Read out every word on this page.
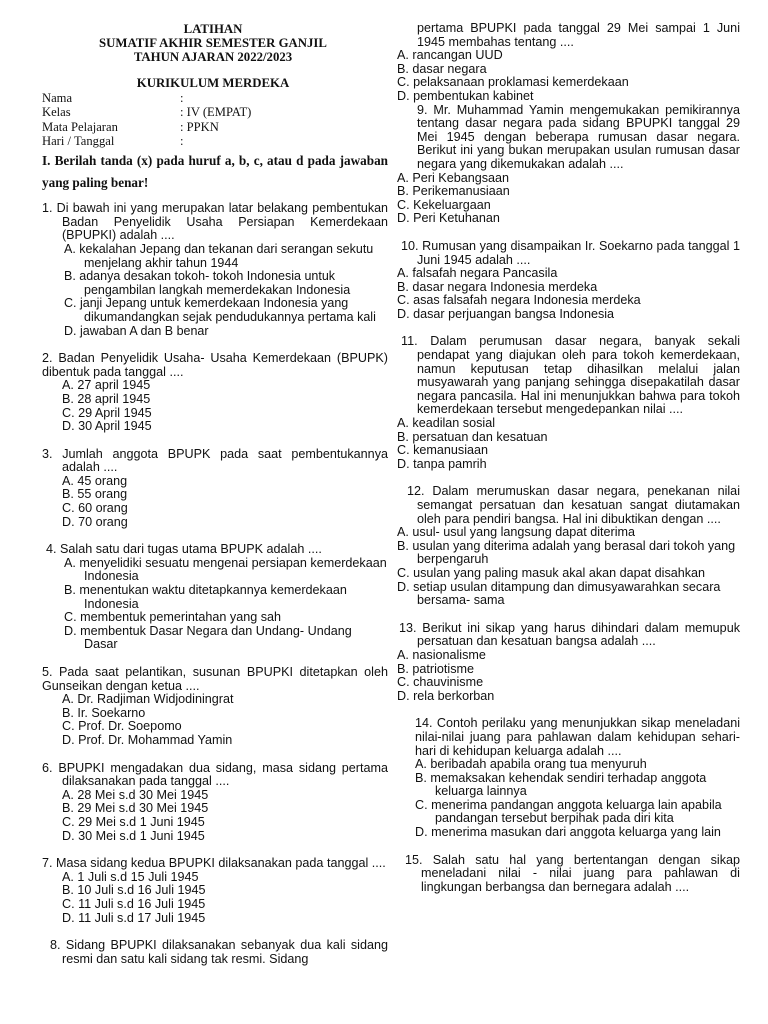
LATIHAN
SUMATIF AKHIR SEMESTER GANJIL
TAHUN AJARAN 2022/2023
KURIKULUM MERDEKA
Nama	:
Kelas	: IV (EMPAT)
Mata Pelajaran	: PPKN
Hari / Tanggal	:
I. Berilah tanda (x) pada huruf a, b, c, atau d pada jawaban yang paling benar!
1. Di bawah ini yang merupakan latar belakang pembentukan Badan Penyelidik Usaha Persiapan Kemerdekaan (BPUPKI) adalah ....
A. kekalahan Jepang dan tekanan dari serangan sekutu menjelang akhir tahun 1944
B. adanya desakan tokoh- tokoh Indonesia untuk pengambilan langkah memerdekakan Indonesia
C. janji Jepang untuk kemerdekaan Indonesia yang dikumandangkan sejak pendudukannya pertama kali
D. jawaban A dan B benar
2. Badan Penyelidik Usaha- Usaha Kemerdekaan (BPUPK) dibentuk pada tanggal ....
A. 27 april 1945
B. 28 april 1945
C. 29 April 1945
D. 30 April 1945
3. Jumlah anggota BPUPK pada saat pembentukannya adalah ....
A. 45 orang
B. 55 orang
C. 60 orang
D. 70 orang
4. Salah satu dari tugas utama BPUPK adalah ....
A. menyelidiki sesuatu mengenai persiapan kemerdekaan Indonesia
B. menentukan waktu ditetapkannya kemerdekaan Indonesia
C. membentuk pemerintahan yang sah
D. membentuk Dasar Negara dan Undang- Undang Dasar
5. Pada saat pelantikan, susunan BPUPKI ditetapkan oleh Gunseikan dengan ketua ....
A. Dr. Radjiman Widjodiningrat
B. Ir. Soekarno
C. Prof. Dr. Soepomo
D. Prof. Dr. Mohammad Yamin
6. BPUPKI mengadakan dua sidang, masa sidang pertama dilaksanakan pada tanggal ....
A. 28 Mei s.d 30 Mei 1945
B. 29 Mei s.d 30 Mei 1945
C. 29 Mei s.d 1 Juni 1945
D. 30 Mei s.d 1 Juni 1945
7. Masa sidang kedua BPUPKI dilaksanakan pada tanggal ....
A. 1 Juli s.d 15 Juli 1945
B. 10 Juli s.d 16 Juli 1945
C. 11 Juli s.d 16 Juli 1945
D. 11 Juli s.d 17 Juli 1945
8. Sidang BPUPKI dilaksanakan sebanyak dua kali sidang resmi dan satu kali sidang tak resmi. Sidang
pertama BPUPKI pada tanggal 29 Mei sampai 1 Juni 1945 membahas tentang ....
A. rancangan UUD
B. dasar negara
C. pelaksanaan proklamasi kemerdekaan
D. pembentukan kabinet
9. Mr. Muhammad Yamin mengemukakan pemikirannya tentang dasar negara pada sidang BPUPKI tanggal 29 Mei 1945 dengan beberapa rumusan dasar negara. Berikut ini yang bukan merupakan usulan rumusan dasar negara yang dikemukakan adalah ....
A. Peri Kebangsaan
B. Perikemanusiaan
C. Kekeluargaan
D. Peri Ketuhanan
10. Rumusan yang disampaikan Ir. Soekarno pada tanggal 1 Juni 1945 adalah ....
A. falsafah negara Pancasila
B. dasar negara Indonesia merdeka
C. asas falsafah negara Indonesia merdeka
D. dasar perjuangan bangsa Indonesia
11. Dalam perumusan dasar negara, banyak sekali pendapat yang diajukan oleh para tokoh kemerdekaan, namun keputusan tetap dihasilkan melalui jalan musyawarah yang panjang sehingga disepakatilah dasar negara pancasila. Hal ini menunjukkan bahwa para tokoh kemerdekaan tersebut mengedepankan nilai ....
A. keadilan sosial
B. persatuan dan kesatuan
C. kemanusiaan
D. tanpa pamrih
12. Dalam merumuskan dasar negara, penekanan nilai semangat persatuan dan kesatuan sangat diutamakan oleh para pendiri bangsa. Hal ini dibuktikan dengan ....
A. usul- usul yang langsung dapat diterima
B. usulan yang diterima adalah yang berasal dari tokoh yang berpengaruh
C. usulan yang paling masuk akal akan dapat disahkan
D. setiap usulan ditampung dan dimusyawarahkan secara bersama- sama
13. Berikut ini sikap yang harus dihindari dalam memupuk persatuan dan kesatuan bangsa adalah ....
A. nasionalisme
B. patriotisme
C. chauvinisme
D. rela berkorban
14. Contoh perilaku yang menunjukkan sikap meneladani nilai-nilai juang para pahlawan dalam kehidupan sehari-hari di kehidupan keluarga adalah ....
A. beribadah apabila orang tua menyuruh
B. memaksakan kehendak sendiri terhadap anggota keluarga lainnya
C. menerima pandangan anggota keluarga lain apabila pandangan tersebut berpihak pada diri kita
D. menerima masukan dari anggota keluarga yang lain
15. Salah satu hal yang bertentangan dengan sikap meneladani nilai - nilai juang para pahlawan di lingkungan berbangsa dan bernegara adalah ....
